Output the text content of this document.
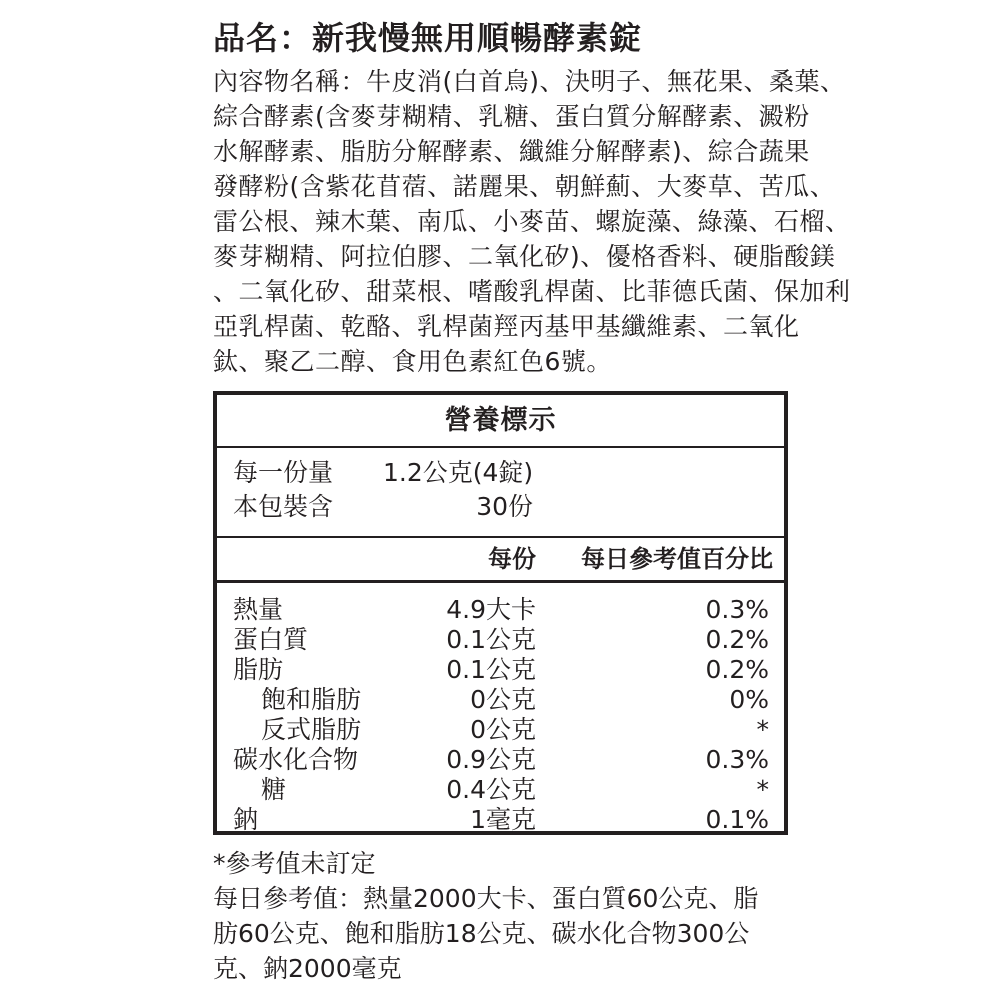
品名：新我慢無用順暢酵素錠
內容物名稱：牛皮消(白首烏)、決明子、無花果、桑葉、
綜合酵素(含麥芽糊精、乳糖、蛋白質分解酵素、澱粉
水解酵素、脂肪分解酵素、纖維分解酵素)、綜合蔬果
發酵粉(含紫花苜蓿、諾麗果、朝鮮薊、大麥草、苦瓜、
雷公根、辣木葉、南瓜、小麥苗、螺旋藻、綠藻、石榴、
麥芽糊精、阿拉伯膠、二氧化矽)、優格香料、硬脂酸鎂
、二氧化矽、甜菜根、嗜酸乳桿菌、比菲德氏菌、保加利
亞乳桿菌、乾酪、乳桿菌羥丙基甲基纖維素、二氧化
鈦、聚乙二醇、食用色素紅色6號。
營養標示
每一份量 1.2公克(4錠)
本包裝含	30份
每份 每日參考值百分比
熱量	4.9大卡	0.3%
蛋白質	0.1公克	0.2%
脂肪	0.1公克	0.2%
飽和脂肪	0公克	0%
反式脂肪	0公克	*
碳水化合物	0.9公克	0.3%
糖	0.4公克	*
鈉	1毫克	0.1%
*參考值未訂定
每日參考值：熱量2000大卡、蛋白質60公克、脂
肪60公克、飽和脂肪18公克、碳水化合物300公
克、鈉2000毫克
